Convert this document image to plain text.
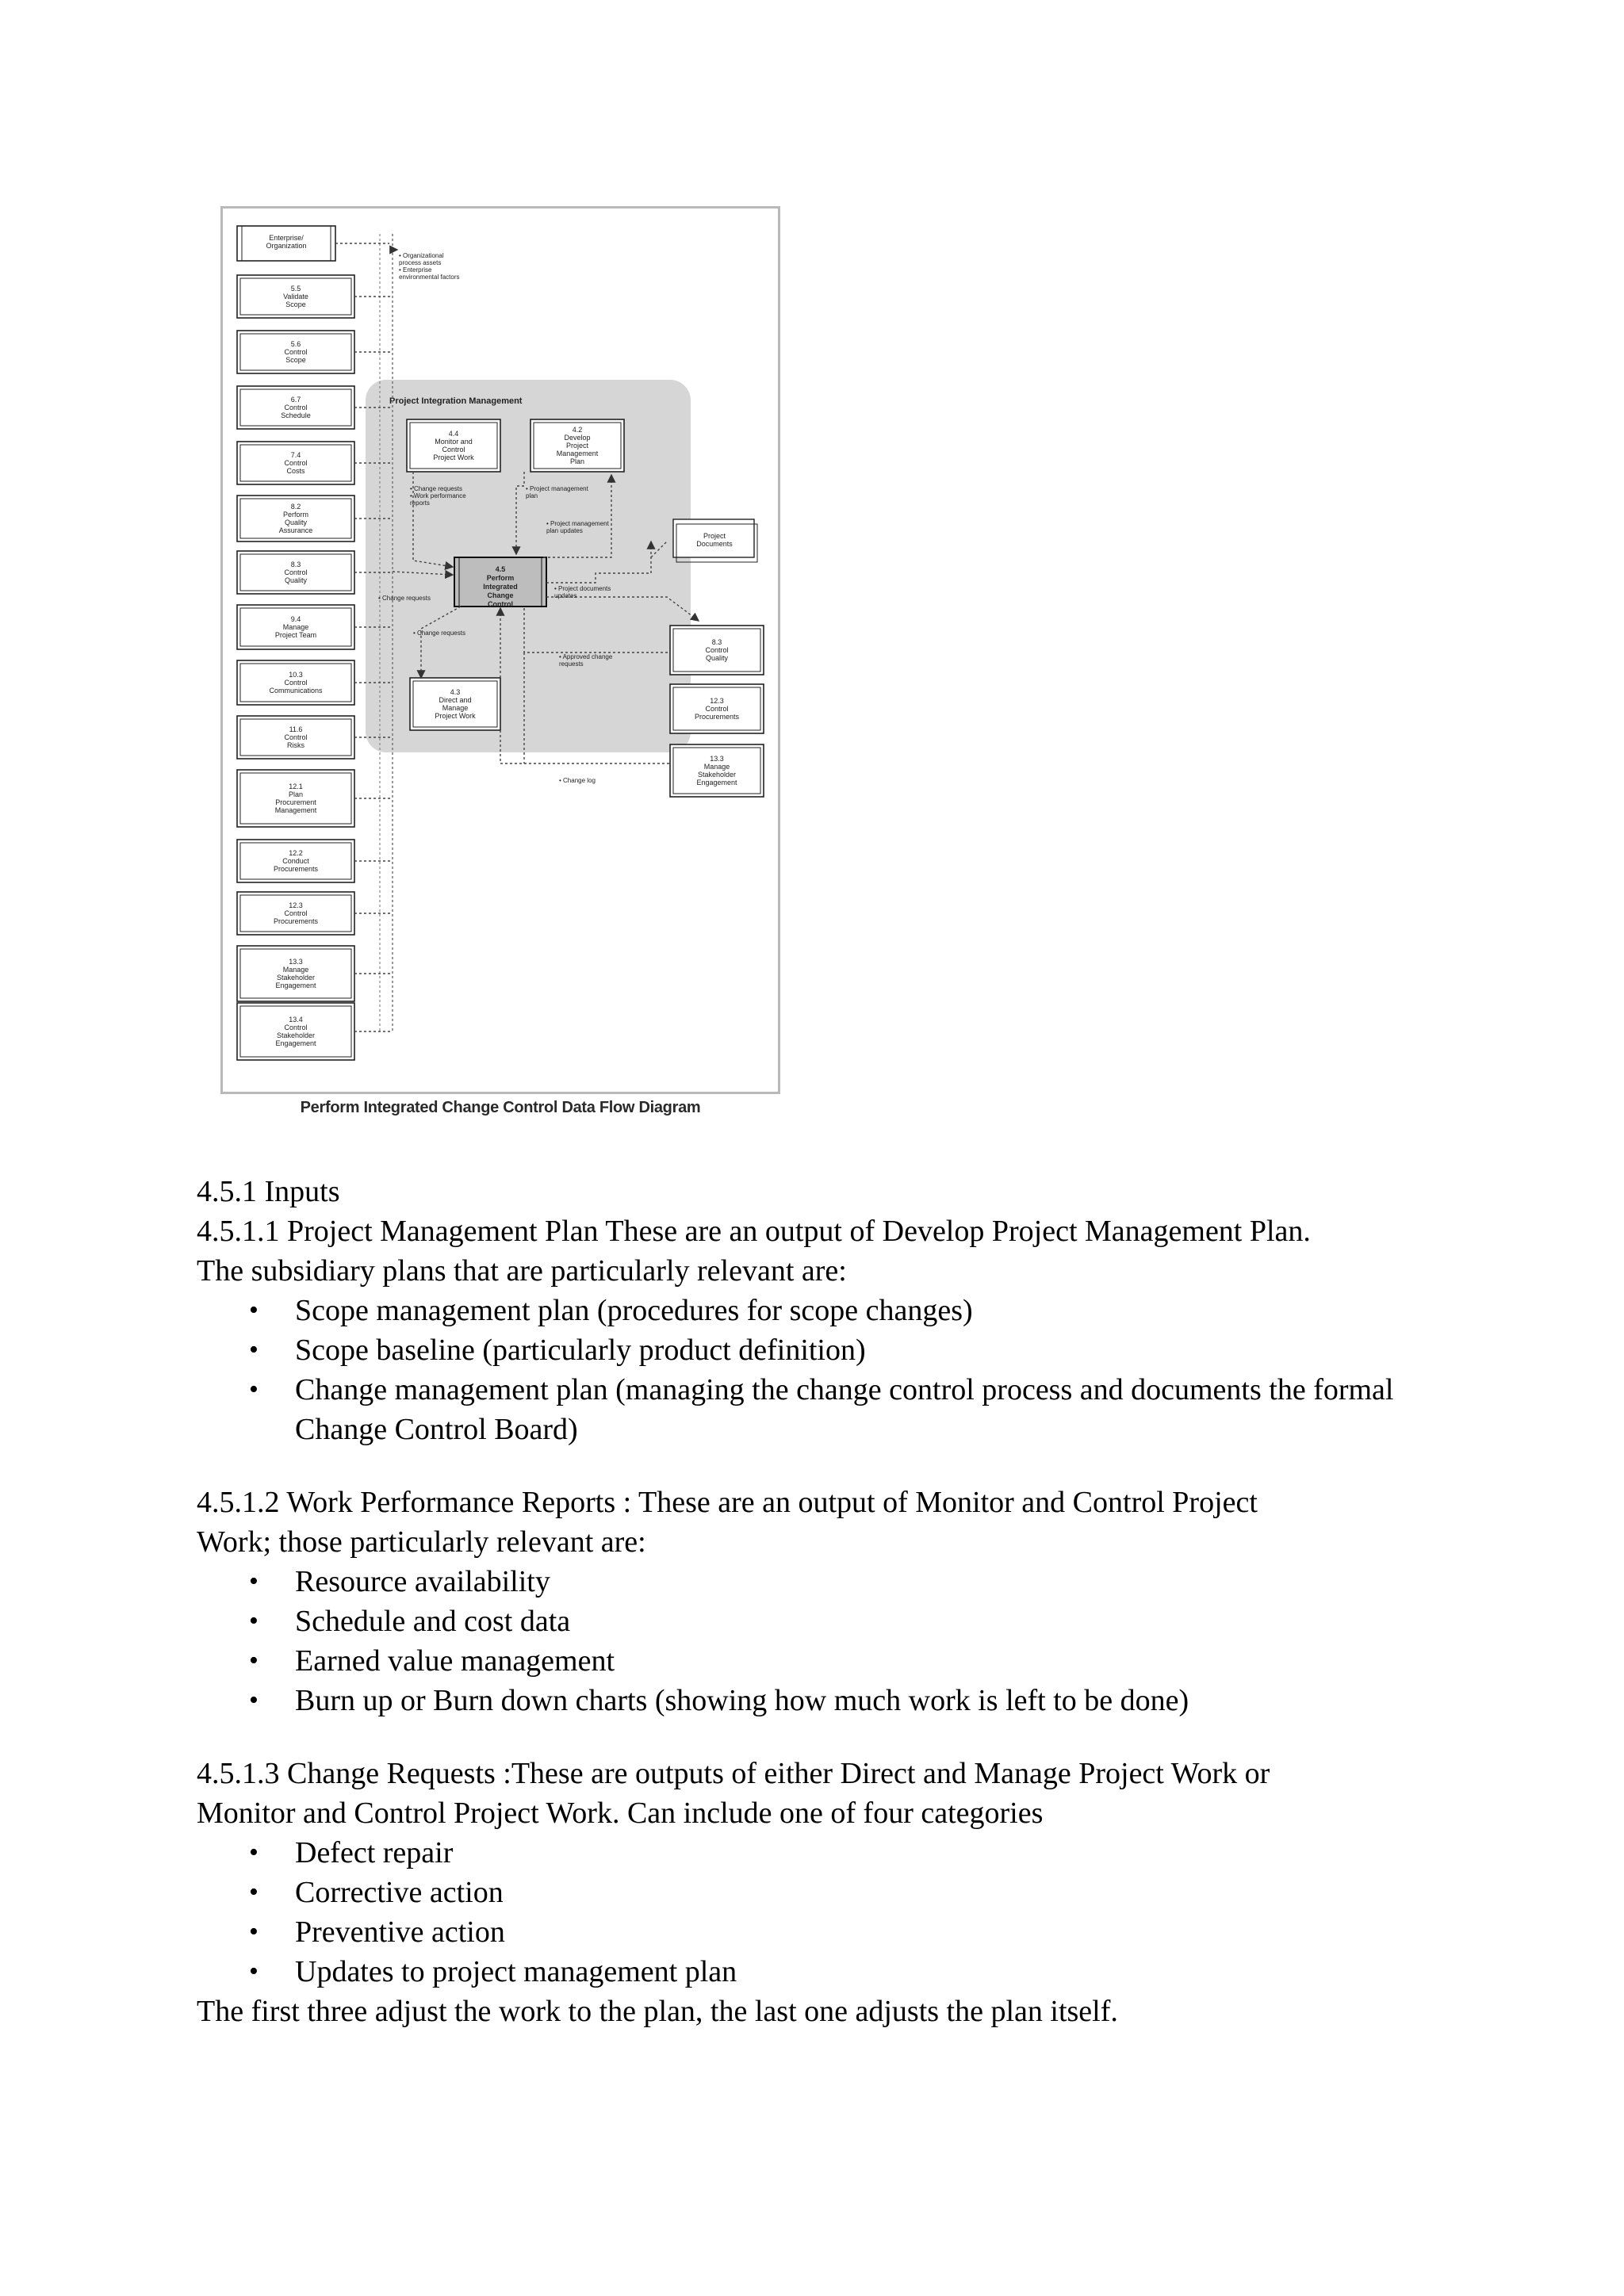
Project Integration Management
Enterprise/
Organization
• Organizational
process assets
• Enterprise
environmental factors
5.5
Validate
Scope
5.6
Control
Scope
6.7
Control
Schedule
7.4
Control
Costs
8.2
Perform
Quality
Assurance
8.3
Control
Quality
9.4
Manage
Project Team
10.3
Control
Communications
11.6
Control
Risks
12.1
Plan
Procurement
Management
12.2
Conduct
Procurements
12.3
Control
Procurements
13.3
Manage
Stakeholder
Engagement
13.4
Control
Stakeholder
Engagement
4.4
Monitor and
Control
Project Work
4.2
Develop
Project
Management
Plan
4.3
Direct and
Manage
Project Work
4.5
Perform
Integrated
Change
Control
• Change requests
• Work performance
reports
• Project management
plan
• Project management
plan updates
• Project documents
updates
• Change requests
• Change requests
• Approved change
requests
• Change log
Project
Documents
8.3
Control
Quality
12.3
Control
Procurements
13.3
Manage
Stakeholder
Engagement
Perform Integrated Change Control Data Flow Diagram

4.5.1 Inputs

4.5.1.1 Project Management Plan These are an output of Develop Project Management Plan.

The subsidiary plans that are particularly relevant are:

• Scope management plan (procedures for scope changes)
• Scope baseline (particularly product definition)
• Change management plan (managing the change control process and documents the formal Change Control Board)

4.5.1.2 Work Performance Reports : These are an output of Monitor and Control Project

Work; those particularly relevant are:

• Resource availability
• Schedule and cost data
• Earned value management
• Burn up or Burn down charts (showing how much work is left to be done)

4.5.1.3 Change Requests :These are outputs of either Direct and Manage Project Work or

Monitor and Control Project Work. Can include one of four categories

• Defect repair
• Corrective action
• Preventive action
• Updates to project management plan

The first three adjust the work to the plan, the last one adjusts the plan itself.
